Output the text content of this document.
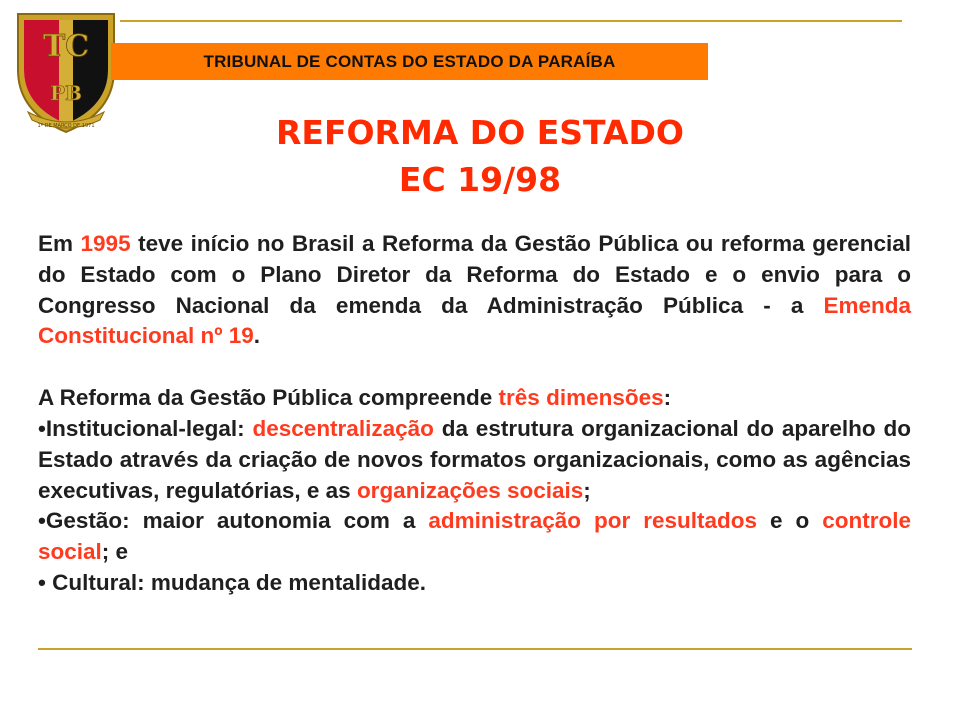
TC
PB
1º DE MARÇO DE 1971
TRIBUNAL DE CONTAS DO ESTADO DA PARAÍBA
REFORMA DO ESTADO
EC 19/98

Em 1995 teve início no Brasil a Reforma da Gestão Pública ou reforma gerencial do Estado com o Plano Diretor da Reforma do Estado e o envio para o Congresso Nacional da emenda da Administração Pública - a Emenda Constitucional nº 19.

A Reforma da Gestão Pública compreende três dimensões:

•Institucional-legal: descentralização da estrutura organizacional do aparelho do Estado através da criação de novos formatos organizacionais, como as agências executivas, regulatórias, e as organizações sociais;

•Gestão: maior autonomia com a administração por resultados e o controle social; e

• Cultural: mudança de mentalidade.
